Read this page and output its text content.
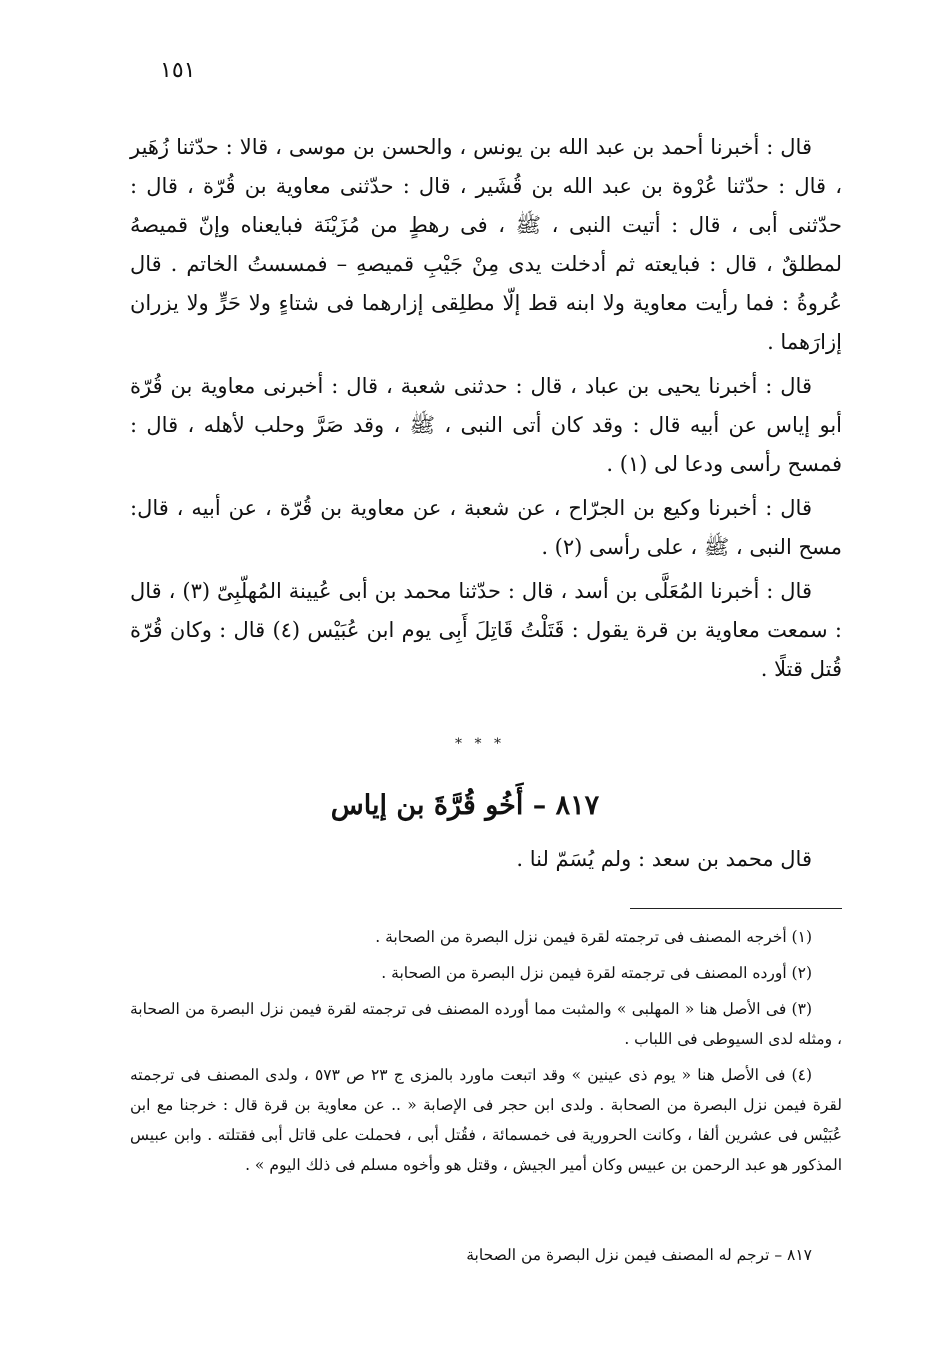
١٥١

قال : أخبرنا أحمد بن عبد الله بن يونس ، والحسن بن موسى ، قالا : حدّثنا زُهَير ، قال : حدّثنا عُرْوة بن عبد الله بن قُشَير ، قال : حدّثنى معاوية بن قُرّة ، قال : حدّثنى أبى ، قال : أتيت النبى ، ﷺ ، فى رهطٍ من مُزَيْنَة فبايعناه وإنّ قميصهُ لمطلقٌ ، قال : فبايعته ثم أدخلت يدى مِنْ جَيْبِ قميصهِ – فمسستُ الخاتم . قال عُروةُ : فما رأيت معاوية ولا ابنه قط إلّا مطلِقى إزارهما فى شتاءٍ ولا حَرٍّ ولا يزران إزارَهما .

قال : أخبرنا يحيى بن عباد ، قال : حدثنى شعبة ، قال : أخبرنى معاوية بن قُرّة أبو إياس عن أبيه قال : وقد كان أتى النبى ، ﷺ ، وقد صَرَّ وحلب لأهله ، قال : فمسح رأسى ودعا لى (١) .

قال : أخبرنا وكيع بن الجرّاح ، عن شعبة ، عن معاوية بن قُرّة ، عن أبيه ، قال: مسح النبى ، ﷺ ، على رأسى (٢) .

قال : أخبرنا المُعَلَّى بن أسد ، قال : حدّثنا محمد بن أبى عُيينة المُهلّبِىّ (٣) ، قال : سمعت معاوية بن قرة يقول : قَتَلْتُ قَاتِلَ أَبِى يوم ابن عُبَيْس (٤) قال : وكان قُرّة قُتل قتلًا .

* * *
٨١٧ – أَخُو قُرَّةَ بن إياس

قال محمد بن سعد : ولم يُسَمّ لنا .

(١) أخرجه المصنف فى ترجمته لقرة فيمن نزل البصرة من الصحابة .

(٢) أورده المصنف فى ترجمته لقرة فيمن نزل البصرة من الصحابة .

(٣) فى الأصل هنا « المهلبى » والمثبت مما أورده المصنف فى ترجمته لقرة فيمن نزل البصرة من الصحابة ، ومثله لدى السيوطى فى اللباب .

(٤) فى الأصل هنا « يوم ذى عينين » وقد اتبعت ماورد بالمزى ج ٢٣ ص ٥٧٣ ، ولدى المصنف فى ترجمته لقرة فيمن نزل البصرة من الصحابة . ولدى ابن حجر فى الإصابة « .. عن معاوية بن قرة قال : خرجنا مع ابن عُبَيْس فى عشرين ألفا ، وكانت الحرورية فى خمسمائة ، فقُتل أبى ، فحملت على قاتل أبى فقتلته . وابن عبيس المذكور هو عبد الرحمن بن عبيس وكان أمير الجيش ، وقتل هو وأخوه مسلم فى ذلك اليوم » .

٨١٧ – ترجم له المصنف فيمن نزل البصرة من الصحابة
